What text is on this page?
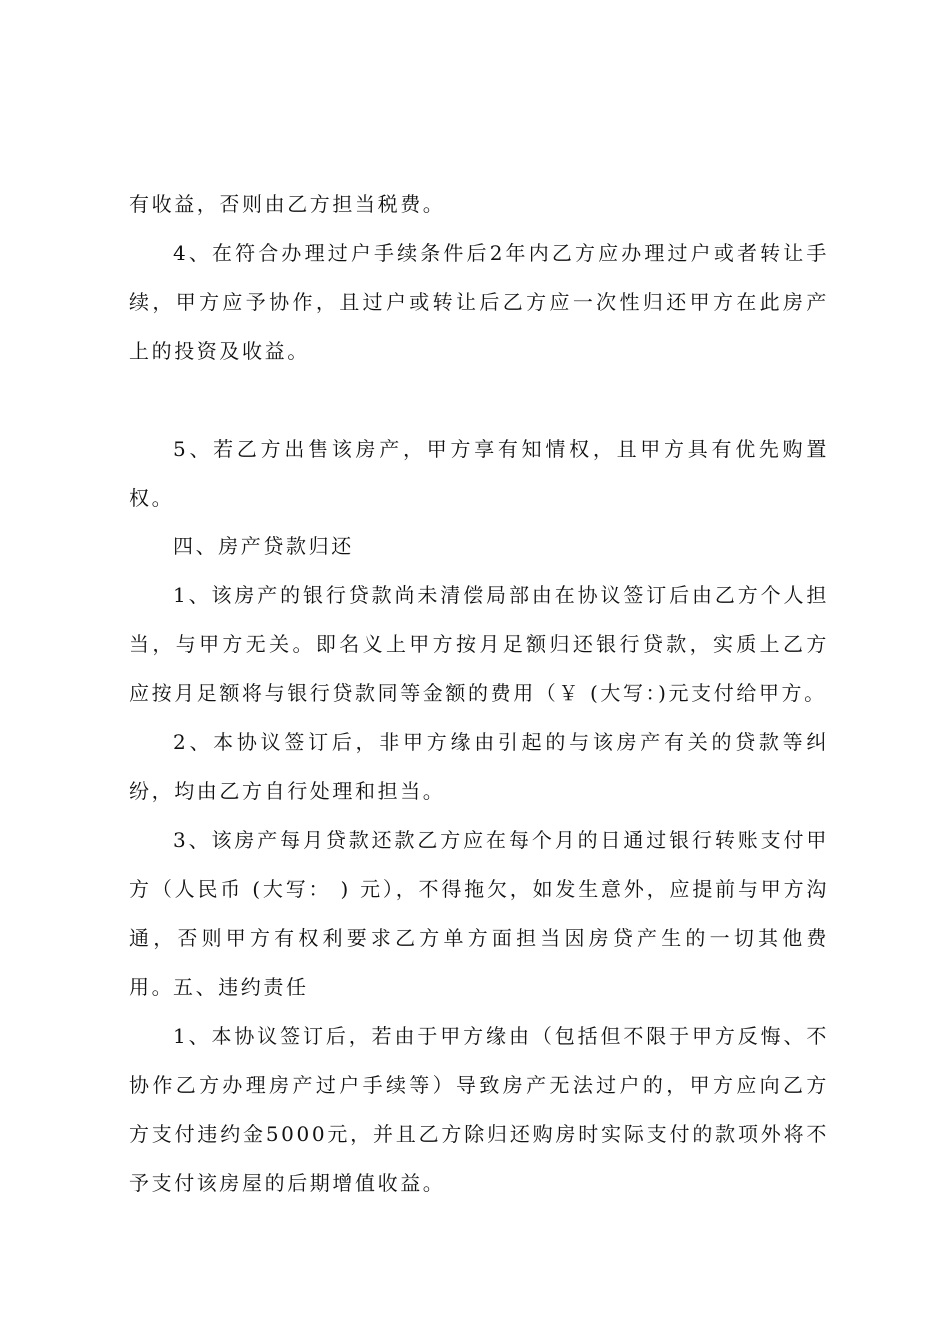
有收益，否则由乙方担当税费。

4、在符合办理过户手续条件后2年内乙方应办理过户或者转让手续，甲方应予协作，且过户或转让后乙方应一次性归还甲方在此房产上的投资及收益。

5、若乙方出售该房产，甲方享有知情权，且甲方具有优先购置权。

四、房产贷款归还

1、该房产的银行贷款尚未清偿局部由在协议签订后由乙方个人担当，与甲方无关。即名义上甲方按月足额归还银行贷款，实质上乙方应按月足额将与银行贷款同等金额的费用（￥ (大写：)元支付给甲方。

2、本协议签订后，非甲方缘由引起的与该房产有关的贷款等纠纷，均由乙方自行处理和担当。

3、该房产每月贷款还款乙方应在每个月的日通过银行转账支付甲方（人民币 (大写： ) 元），不得拖欠，如发生意外，应提前与甲方沟通，否则甲方有权利要求乙方单方面担当因房贷产生的一切其他费用。

五、违约责任

1、本协议签订后，若由于甲方缘由（包括但不限于甲方反悔、不协作乙方办理房产过户手续等）导致房产无法过户的，甲方应向乙方方支付违约金5000元，并且乙方除归还购房时实际支付的款项外将不予支付该房屋的后期增值收益。
